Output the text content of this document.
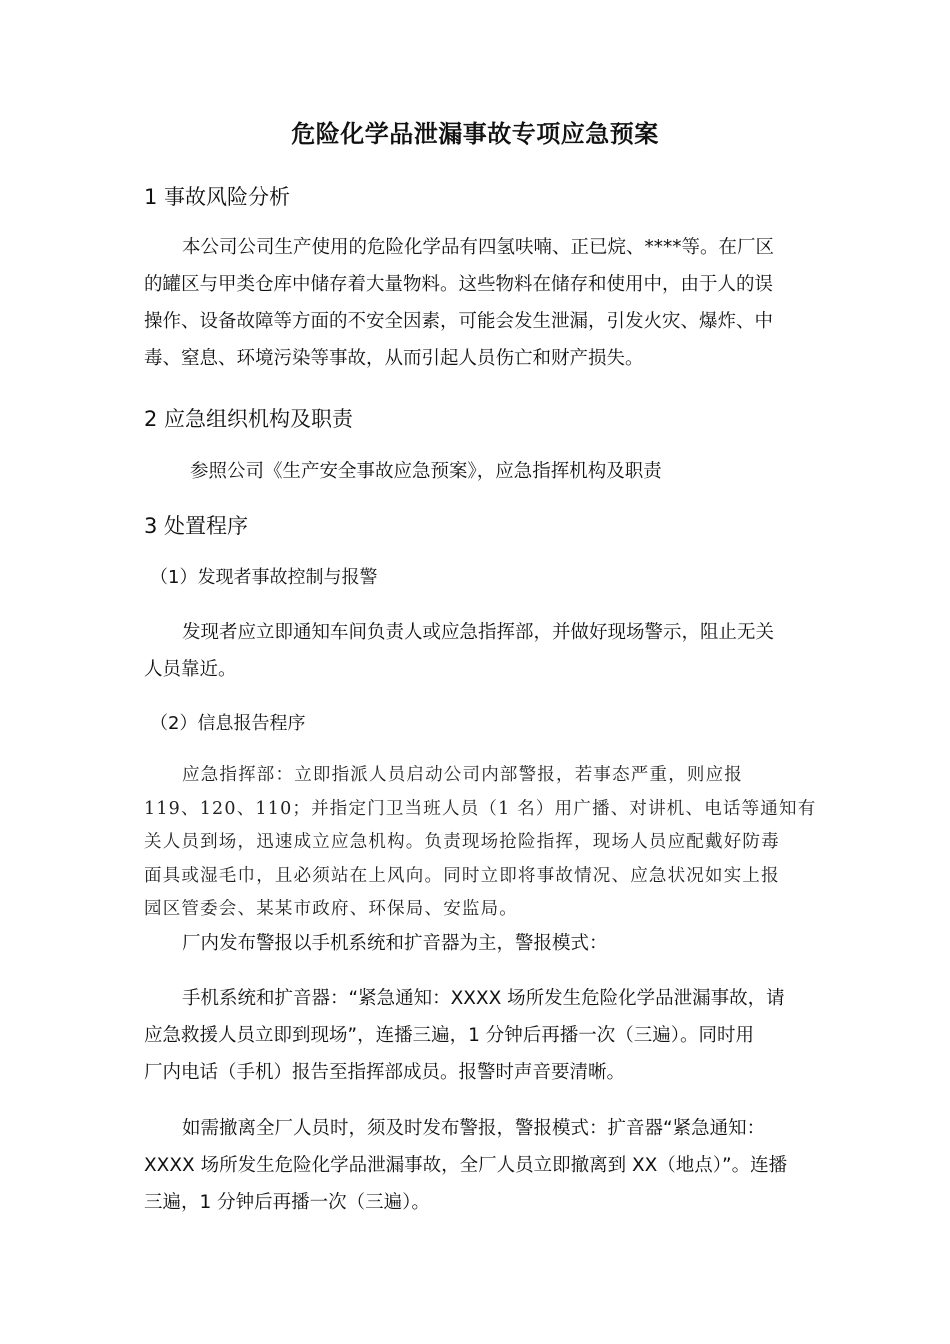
危险化学品泄漏事故专项应急预案
1 事故风险分析
本公司公司生产使用的危险化学品有四氢呋喃、正已烷、****等。在厂区
的罐区与甲类仓库中储存着大量物料。这些物料在储存和使用中，由于人的误
操作、设备故障等方面的不安全因素，可能会发生泄漏，引发火灾、爆炸、中
毒、窒息、环境污染等事故，从而引起人员伤亡和财产损失。
2 应急组织机构及职责
参照公司《生产安全事故应急预案》，应急指挥机构及职责
3 处置程序
（1）发现者事故控制与报警
发现者应立即通知车间负责人或应急指挥部，并做好现场警示，阻止无关
人员靠近。
（2）信息报告程序
应急指挥部：立即指派人员启动公司内部警报，若事态严重，则应报
119、120、110；并指定门卫当班人员（1 名）用广播、对讲机、电话等通知有
关人员到场，迅速成立应急机构。负责现场抢险指挥，现场人员应配戴好防毒
面具或湿毛巾，且必须站在上风向。同时立即将事故情况、应急状况如实上报
园区管委会、某某市政府、环保局、安监局。
厂内发布警报以手机系统和扩音器为主，警报模式：
手机系统和扩音器：“紧急通知：XXXX 场所发生危险化学品泄漏事故，请
应急救援人员立即到现场”，连播三遍，1 分钟后再播一次（三遍）。同时用
厂内电话（手机）报告至指挥部成员。报警时声音要清晰。
如需撤离全厂人员时，须及时发布警报，警报模式：扩音器“紧急通知：
XXXX 场所发生危险化学品泄漏事故，全厂人员立即撤离到 XX（地点）”。连播
三遍，1 分钟后再播一次（三遍）。
